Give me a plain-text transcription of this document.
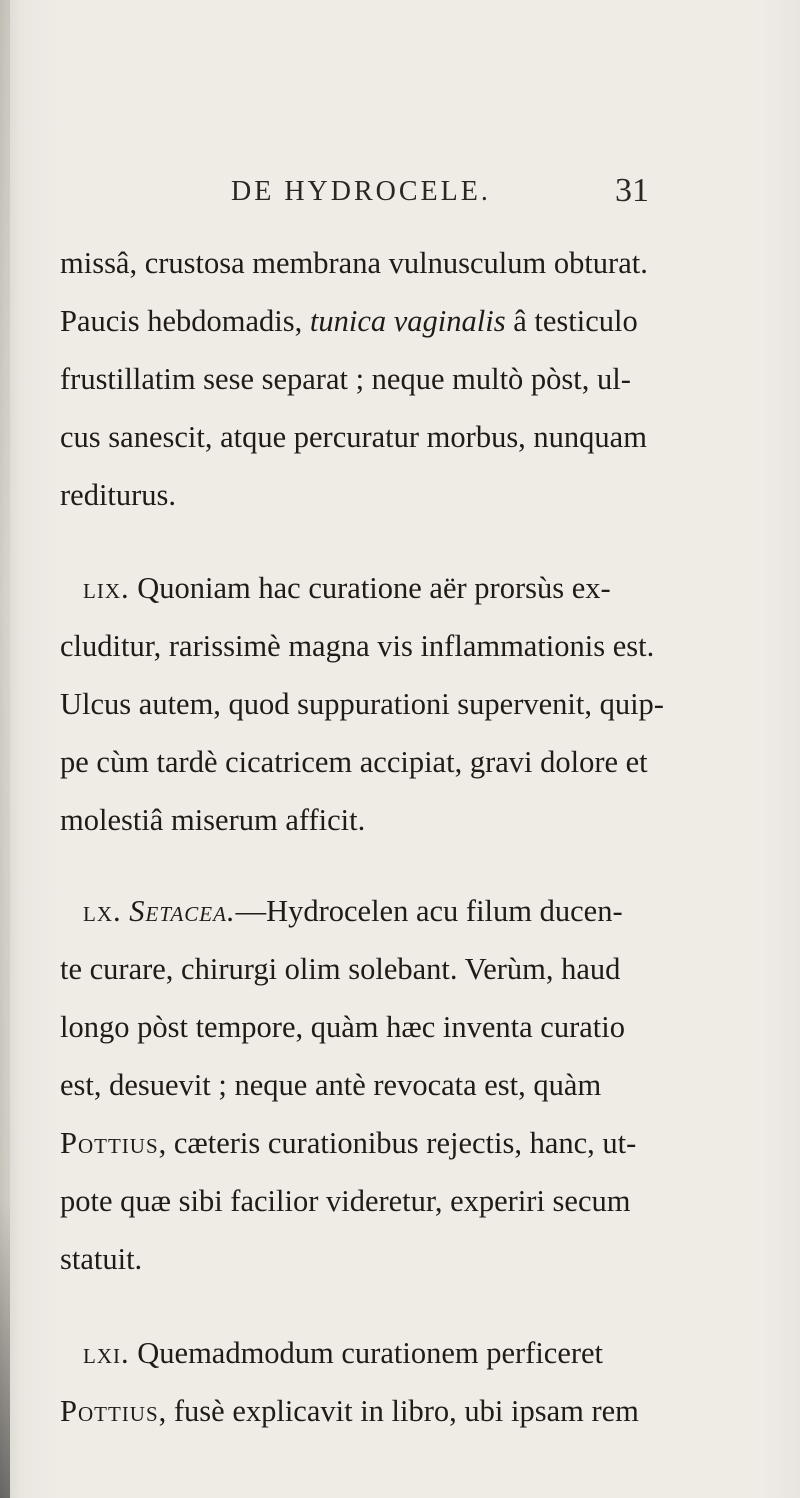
DE HYDROCELE.	31
missâ, crustosa membrana vulnusculum obturat.
Paucis hebdomadis, tunica vaginalis â testiculo
frustillatim sese separat ; neque multò pòst, ul-
cus sanescit, atque percuratur morbus, nunquam
rediturus.
lix. Quoniam hac curatione aër prorsùs ex-
cluditur, rarissimè magna vis inflammationis est.
Ulcus autem, quod suppurationi supervenit, quip-
pe cùm tardè cicatricem accipiat, gravi dolore et
molestiâ miserum afficit.
lx. Setacea.—Hydrocelen acu filum ducen-
te curare, chirurgi olim solebant. Verùm, haud
longo pòst tempore, quàm hæc inventa curatio
est, desuevit ; neque antè revocata est, quàm
Pottius, cæteris curationibus rejectis, hanc, ut-
pote quæ sibi facilior videretur, experiri secum
statuit.
lxi. Quemadmodum curationem perficeret
Pottius, fusè explicavit in libro, ubi ipsam rem
